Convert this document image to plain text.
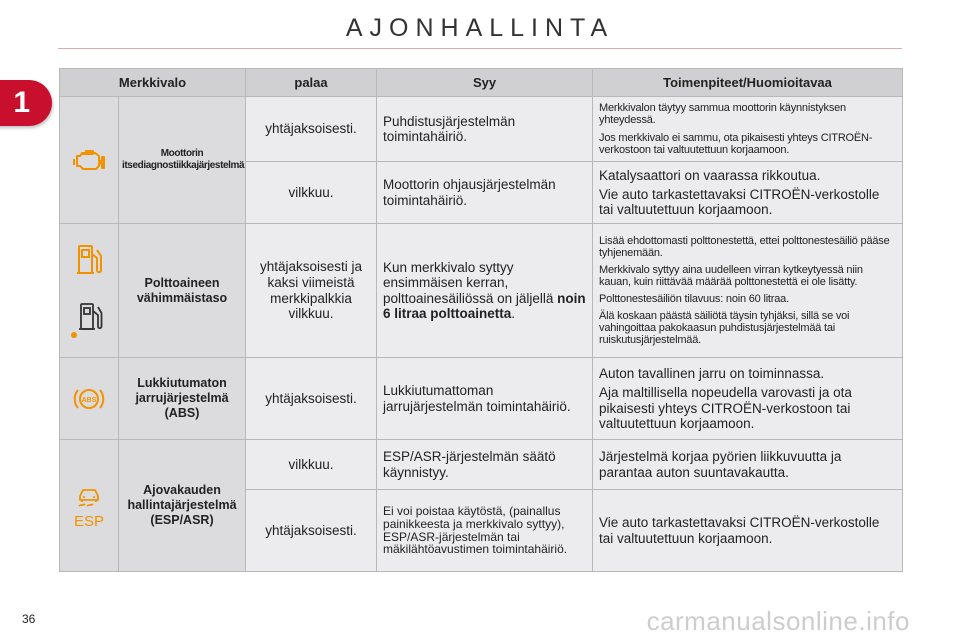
AJONHALLINTA
1
Merkkivalo		palaa	Syy	Toimenpiteet/Huomioitavaa

	Moottorin itsediagnostiikkajärjestelmä	yhtäjaksoisesti.	Puhdistusjärjestelmän toimintahäiriö.	Merkkivalon täytyy sammua moottorin käynnistyksen yhteydessä.
Jos merkkivalo ei sammu, ota pikaisesti yhteys CITROËN-verkostoon tai valtuutettuun korjaamoon.

		vilkkuu.	Moottorin ohjausjärjestelmän toimintahäiriö.	Katalysaattori on vaarassa rikkoutua.
Vie auto tarkastettavaksi CITROËN-verkostolle tai valtuutettuun korjaamoon.

	Polttoaineen vähimmäistaso	yhtäjaksoisesti ja kaksi viimeistä merkkipalkkia vilkkuu.	Kun merkkivalo syttyy ensimmäisen kerran, polttoainesäiliössä on jäljellä noin 6 litraa polttoainetta.	Lisää ehdottomasti polttonestettä, ettei polttonestesäiliö pääse tyhjenemään.
Merkkivalo syttyy aina uudelleen virran kytkeytyessä niin kauan, kuin riittävää määrää polttonestettä ei ole lisätty.
Polttonestesäiliön tilavuus: noin 60 litraa.
Älä koskaan päästä säiliötä täysin tyhjäksi, sillä se voi vahingoittaa pakokaasun puhdistusjärjestelmää tai ruiskutusjärjestelmää.

ABS	Lukkiutumaton jarrujärjestelmä (ABS)	yhtäjaksoisesti.	Lukkiutumattoman jarrujärjestelmän toimintahäiriö.	Auton tavallinen jarru on toiminnassa.
Aja maltillisella nopeudella varovasti ja ota pikaisesti yhteys CITROËN-verkostoon tai valtuutettuun korjaamoon.

ESP	Ajovakauden hallintajärjestelmä (ESP/ASR)	vilkkuu.	ESP/ASR-järjestelmän säätö käynnistyy.	Järjestelmä korjaa pyörien liikkuvuutta ja parantaa auton suuntavakautta.

		yhtäjaksoisesti.	Ei voi poistaa käytöstä, (painallus painikkeesta ja merkkivalo syttyy), ESP/ASR-järjestelmän tai mäkilähtöavustimen toimintahäiriö.	Vie auto tarkastettavaksi CITROËN-verkostolle tai valtuutettuun korjaamoon.
36	carmanualsonline.info
